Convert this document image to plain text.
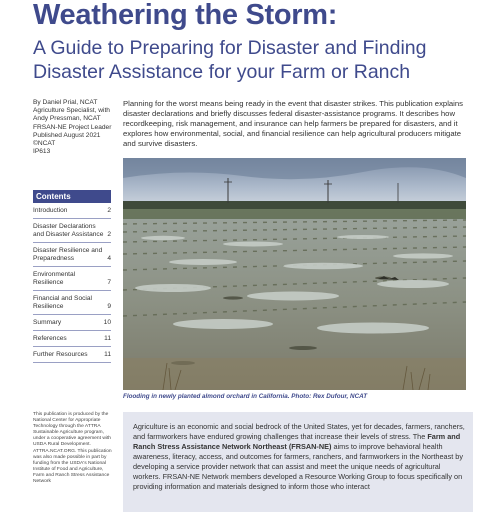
Weathering the Storm:
A Guide to Preparing for Disaster and Finding Disaster Assistance for your Farm or Ranch
By Daniel Prial, NCAT
Agriculture Specialist, with
Andy Pressman, NCAT
FRSAN-NE Project Leader
Published August 2021
©NCAT
IP613
Planning for the worst means being ready in the event that disaster strikes. This publication explains disaster declarations and briefly discusses federal disaster-assistance programs. It describes how recordkeeping, risk management, and insurance can help farmers be prepared for disasters, and it explores how environmental, social, and financial resilience can help agricultural producers mitigate and survive disasters.
Contents
Introduction	2
Disaster Declarations and Disaster Assistance 2
Disaster Resilience and Preparedness	4
Environmental Resilience	7
Financial and Social Resilience	9
Summary	10
References	11
Further Resources	11
Flooding in newly planted almond orchard in California. Photo: Rex Dufour, NCAT
This publication is produced by the National Center for Appropriate Technology through the ATTRA Sustainable Agriculture program, under a cooperative agreement with USDA Rural Development. ATTRA.NCAT.ORG. This publication was also made possible in part by funding from the USDA's National Institute of Food and Agriculture, Farm and Ranch Stress Assistance Network
Agriculture is an economic and social bedrock of the United States, yet for decades, farmers, ranchers, and farmworkers have endured growing challenges that increase their levels of stress. The Farm and Ranch Stress Assistance Network Northeast (FRSAN-NE) aims to improve behavioral health awareness, literacy, access, and outcomes for farmers, ranchers, and farmworkers in the Northeast by developing a service provider network that can assist and meet the unique needs of agricultural workers. FRSAN-NE Network members developed a Resource Working Group to focus specifically on providing information and materials designed to inform those who interact
